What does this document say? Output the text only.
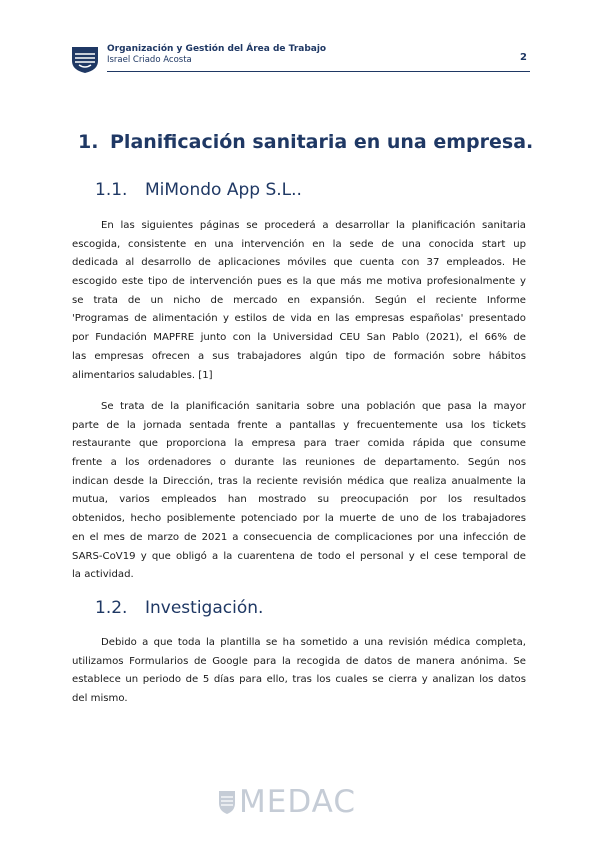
Organización y Gestión del Área de Trabajo
Israel Criado Acosta	2
1. Planificación sanitaria en una empresa.
1.1. MiMondo App S.L..
En las siguientes páginas se procederá a desarrollar la planificación sanitaria
escogida, consistente en una intervención en la sede de una conocida start up
dedicada al desarrollo de aplicaciones móviles que cuenta con 37 empleados. He
escogido este tipo de intervención pues es la que más me motiva profesionalmente y
se trata de un nicho de mercado en expansión. Según el reciente Informe
'Programas de alimentación y estilos de vida en las empresas españolas' presentado
por Fundación MAPFRE junto con la Universidad CEU San Pablo (2021), el 66% de
las empresas ofrecen a sus trabajadores algún tipo de formación sobre hábitos
alimentarios saludables. [1]
Se trata de la planificación sanitaria sobre una población que pasa la mayor
parte de la jornada sentada frente a pantallas y frecuentemente usa los tickets
restaurante que proporciona la empresa para traer comida rápida que consume
frente a los ordenadores o durante las reuniones de departamento. Según nos
indican desde la Dirección, tras la reciente revisión médica que realiza anualmente la
mutua, varios empleados han mostrado su preocupación por los resultados
obtenidos, hecho posiblemente potenciado por la muerte de uno de los trabajadores
en el mes de marzo de 2021 a consecuencia de complicaciones por una infección de
SARS-CoV19 y que obligó a la cuarentena de todo el personal y el cese temporal de
la actividad.
1.2. Investigación.
Debido a que toda la plantilla se ha sometido a una revisión médica completa,
utilizamos Formularios de Google para la recogida de datos de manera anónima. Se
establece un periodo de 5 días para ello, tras los cuales se cierra y analizan los datos
del mismo.
MEDAC
